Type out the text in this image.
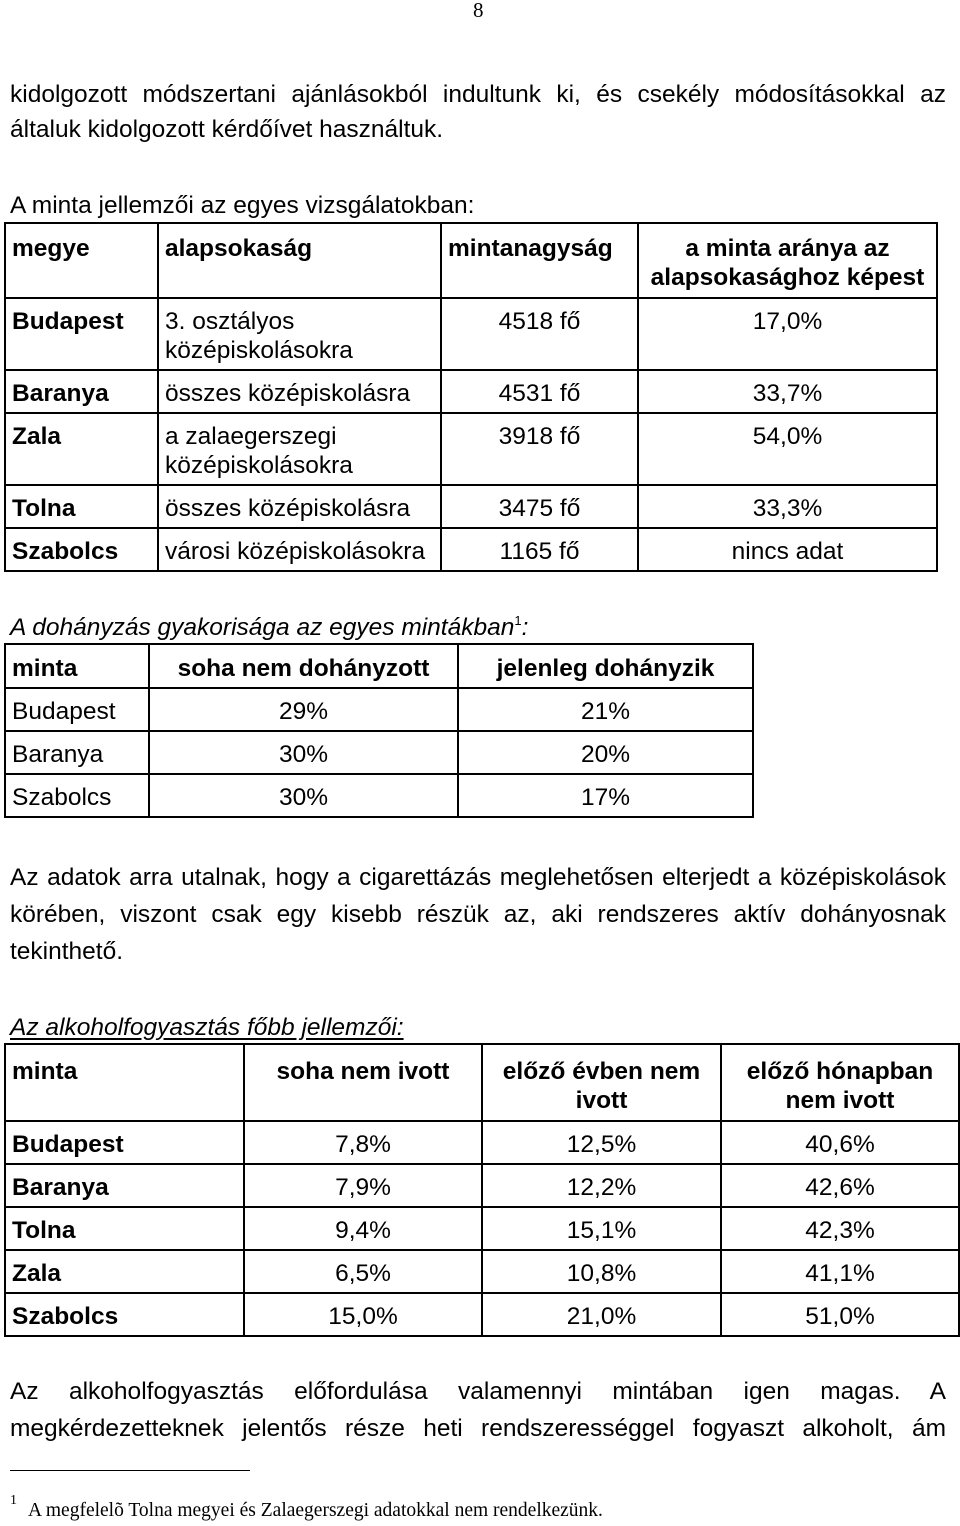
8
kidolgozott módszertani ajánlásokból indultunk ki, és csekély módosításokkal az
általuk kidolgozott kérdőívet használtuk.
A minta jellemzői az egyes vizsgálatokban:
megye	alapsokaság	mintanagyság	a minta aránya az
alapsokasághoz képest
Budapest	3. osztályos
középiskolásokra	4518 fő	17,0%
Baranya	összes középiskolásra	4531 fő	33,7%
Zala	a zalaegerszegi
középiskolásokra	3918 fő	54,0%
Tolna	összes középiskolásra	3475 fő	33,3%
Szabolcs	városi középiskolásokra	1165 fő	nincs adat
A dohányzás gyakorisága az egyes mintákban$^1$:
minta	soha nem dohányzott	jelenleg dohányzik
Budapest	29%	21%
Baranya	30%	20%
Szabolcs	30%	17%
Az adatok arra utalnak, hogy a cigarettázás meglehetősen elterjedt a középiskolások
körében, viszont csak egy kisebb részük az, aki rendszeres aktív dohányosnak
tekinthető.
Az alkoholfogyasztás főbb jellemzői:
minta	soha nem ivott	előző évben nem
ivott	előző hónapban
nem ivott
Budapest	7,8%	12,5%	40,6%
Baranya	7,9%	12,2%	42,6%
Tolna	9,4%	15,1%	42,3%
Zala	6,5%	10,8%	41,1%
Szabolcs	15,0%	21,0%	51,0%
Az alkoholfogyasztás előfordulása valamennyi mintában igen magas. A
megkérdezetteknek jelentős része heti rendszerességgel fogyaszt alkoholt, ám
1 A megfelelõ Tolna megyei és Zalaegerszegi adatokkal nem rendelkezünk.
